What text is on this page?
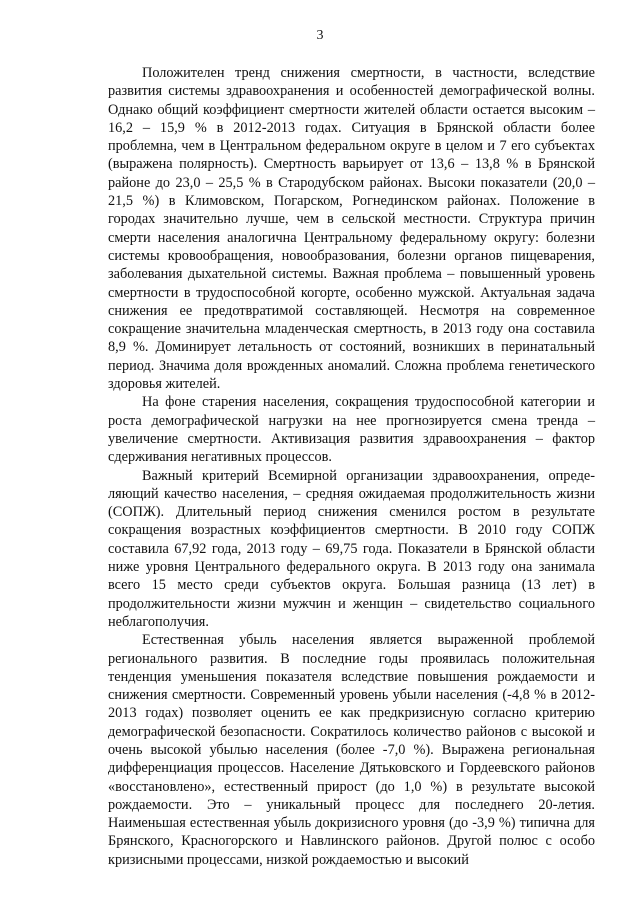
3

Положителен тренд снижения смертности, в частности, вследствие развития системы здравоохранения и особенностей демографической волны. Однако общий коэффициент смертности жителей области остается высоким – 16,2 – 15,9 % в 2012-2013 годах. Ситуация в Брянской области более проблемна, чем в Центральном федеральном округе в целом и 7 его субъектах (выражена полярность). Смертность варьирует от 13,6 – 13,8 % в Брянской районе до 23,0 – 25,5 % в Стародубском районах. Высоки показатели (20,0 – 21,5 %) в Климовском, Погарском, Рогнединском районах. Положение в городах значительно лучше, чем в сельской местности. Структура причин смерти населения аналогична Центральному федеральному округу: болезни системы кровообращения, новообразования, болезни органов пищеварения, заболевания дыхательной системы. Важная проблема – повышенный уровень смертности в трудоспособной когорте, особенно мужской. Актуальная задача снижения ее предотвратимой составляющей. Несмотря на современное сокращение значительна младенческая смертность, в 2013 году она составила 8,9 %. Доминирует летальность от состояний, возникших в перинатальный период. Значима доля врожденных аномалий. Сложна проблема генетического здоровья жителей.

На фоне старения населения, сокращения трудоспособной категории и роста демографической нагрузки на нее прогнозируется смена тренда – увеличение смертности. Активизация развития здравоохранения – фактор сдерживания негативных процессов.

Важный критерий Всемирной организации здравоохранения, определяющий качество населения, – средняя ожидаемая продолжительность жизни (СОПЖ). Длительный период снижения сменился ростом в результате сокращения возрастных коэффициентов смертности. В 2010 году СОПЖ составила 67,92 года, 2013 году – 69,75 года. Показатели в Брянской области ниже уровня Центрального федерального округа. В 2013 году она занимала всего 15 место среди субъектов округа. Большая разница (13 лет) в продолжительности жизни мужчин и женщин – свидетельство социального неблагополучия.

Естественная убыль населения является выраженной проблемой регионального развития. В последние годы проявилась положительная тенденция уменьшения показателя вследствие повышения рождаемости и снижения смертности. Современный уровень убыли населения (-4,8 % в 2012-2013 годах) позволяет оценить ее как предкризисную согласно критерию демографической безопасности. Сократилось количество районов с высокой и очень высокой убылью населения (более -7,0 %). Выражена региональная дифференциация процессов. Население Дятьковского и Гордеевского районов «восстановлено», естественный прирост (до 1,0 %) в результате высокой рождаемости. Это – уникальный процесс для последнего 20-летия. Наименьшая естественная убыль докризисного уровня (до -3,9 %) типична для Брянского, Красногорского и Навлинского районов. Другой полюс с особо кризисными процессами, низкой рождаемостью и высокий
